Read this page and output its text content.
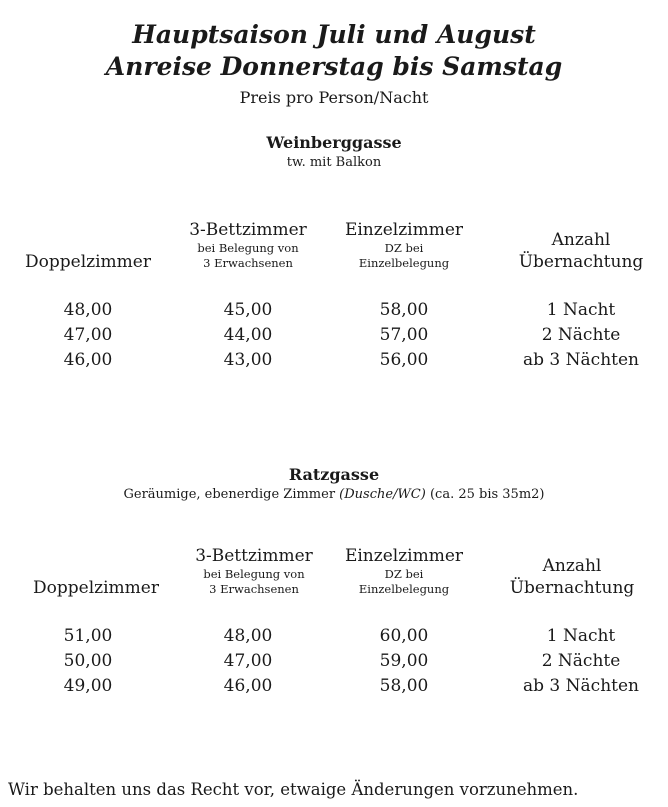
Hauptsaison Juli und August
Anreise Donnerstag bis Samstag
Preis pro Person/Nacht
Weinberggasse
tw. mit Balkon
Doppelzimmer
3-Bettzimmer
bei Belegung von
3 Erwachsenen
Einzelzimmer
DZ bei
Einzelbelegung
Anzahl
Übernachtung
48,00
47,00
46,00
45,00
44,00
43,00
58,00
57,00
56,00
1 Nacht
2 Nächte
ab 3 Nächten
Ratzgasse
Geräumige, ebenerdige Zimmer (Dusche/WC) (ca. 25 bis 35m2)
Doppelzimmer
3-Bettzimmer
bei Belegung von
3 Erwachsenen
Einzelzimmer
DZ bei
Einzelbelegung
Anzahl
Übernachtung
51,00
50,00
49,00
48,00
47,00
46,00
60,00
59,00
58,00
1 Nacht
2 Nächte
ab 3 Nächten
Wir behalten uns das Recht vor, etwaige Änderungen vorzunehmen.
